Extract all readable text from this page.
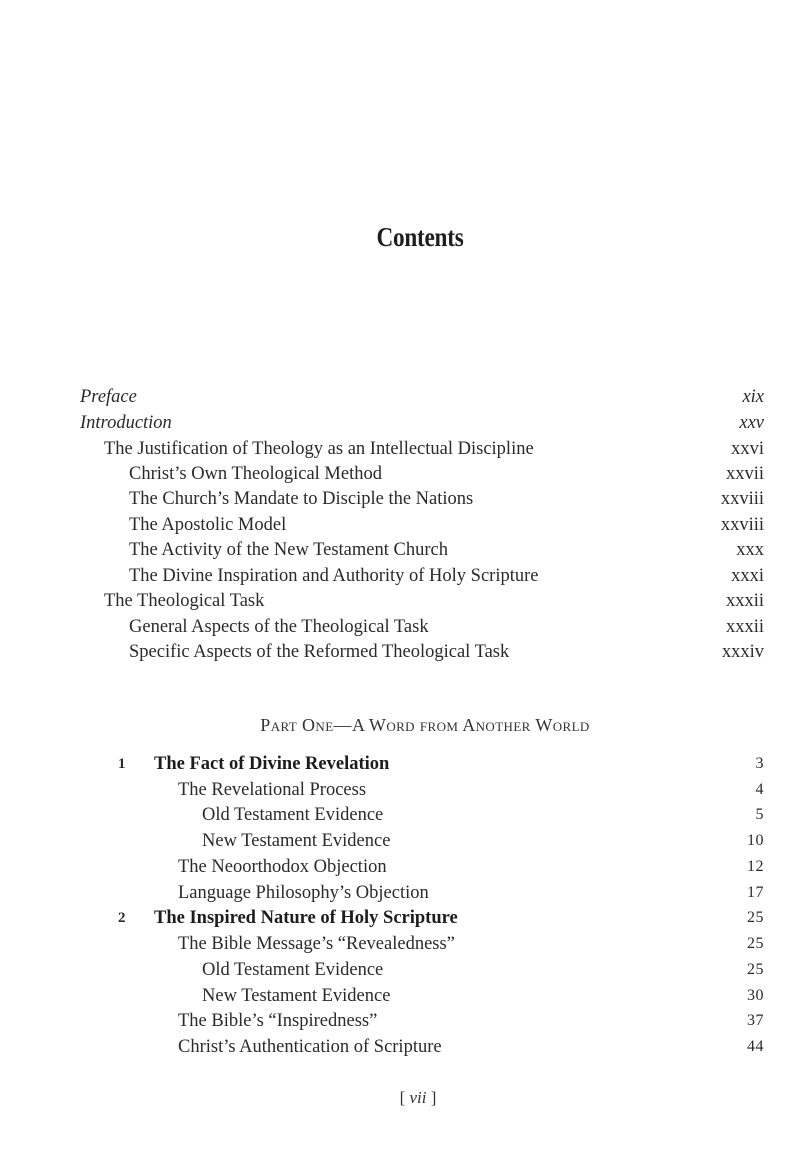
Contents
Preface	xix
Introduction	xxv
The Justification of Theology as an Intellectual Discipline	xxvi
Christ’s Own Theological Method	xxvii
The Church’s Mandate to Disciple the Nations	xxviii
The Apostolic Model	xxviii
The Activity of the New Testament Church	xxx
The Divine Inspiration and Authority of Holy Scripture	xxxi
The Theological Task	xxxii
General Aspects of the Theological Task	xxxii
Specific Aspects of the Reformed Theological Task	xxxiv
Part One—A Word from Another World
1 The Fact of Divine Revelation	3
The Revelational Process	4
Old Testament Evidence	5
New Testament Evidence	10
The Neoorthodox Objection	12
Language Philosophy’s Objection	17
2 The Inspired Nature of Holy Scripture	25
The Bible Message’s “Revealedness”	25
Old Testament Evidence	25
New Testament Evidence	30
The Bible’s “Inspiredness”	37
Christ’s Authentication of Scripture	44
[ vii ]
